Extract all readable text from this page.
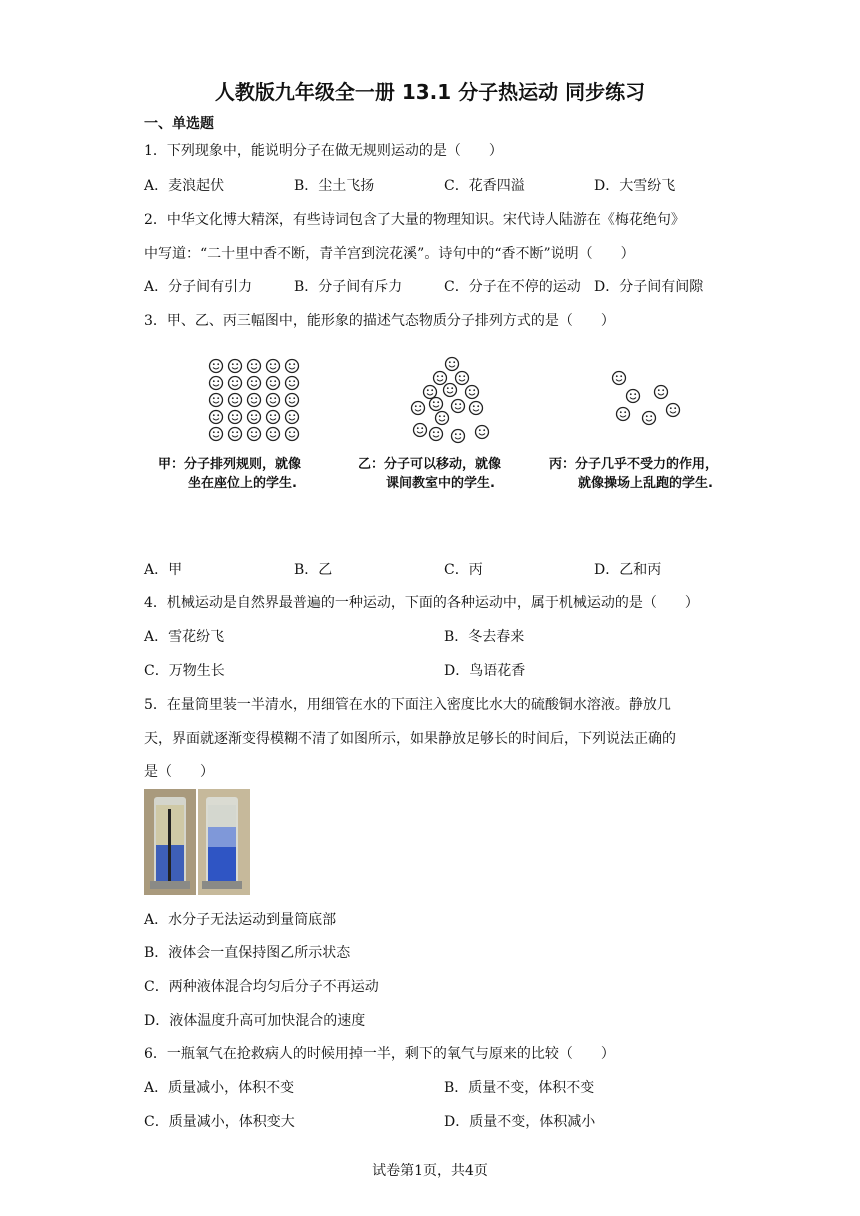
人教版九年级全一册 13.1 分子热运动 同步练习
一、单选题
1．下列现象中，能说明分子在做无规则运动的是（　　）
A．麦浪起伏	B．尘土飞扬	C．花香四溢	D．大雪纷飞
2．中华文化博大精深，有些诗词包含了大量的物理知识。宋代诗人陆游在《梅花绝句》
中写道：“二十里中香不断，青羊宫到浣花溪”。诗句中的“香不断”说明（　　）
A．分子间有引力	B．分子间有斥力	C．分子在不停的运动 D．分子间有间隙
3．甲、乙、丙三幅图中，能形象的描述气态物质分子排列方式的是（　　）
甲：分子排列规则，就像
坐在座位上的学生.
乙：分子可以移动，就像
课间教室中的学生.
丙：分子几乎不受力的作用，
就像操场上乱跑的学生.
A．甲	B．乙	C．丙	D．乙和丙
4．机械运动是自然界最普遍的一种运动，下面的各种运动中，属于机械运动的是（　　）
A．雪花纷飞	B．冬去春来
C．万物生长	D．鸟语花香
5．在量筒里装一半清水，用细管在水的下面注入密度比水大的硫酸铜水溶液。静放几
天，界面就逐渐变得模糊不清了如图所示，如果静放足够长的时间后，下列说法正确的
是（　　）
A．水分子无法运动到量筒底部
B．液体会一直保持图乙所示状态
C．两种液体混合均匀后分子不再运动
D．液体温度升高可加快混合的速度
6．一瓶氧气在抢救病人的时候用掉一半，剩下的氧气与原来的比较（　　）
A．质量减小，体积不变	B．质量不变，体积不变
C．质量减小，体积变大	D．质量不变，体积减小
试卷第1页，共4页
